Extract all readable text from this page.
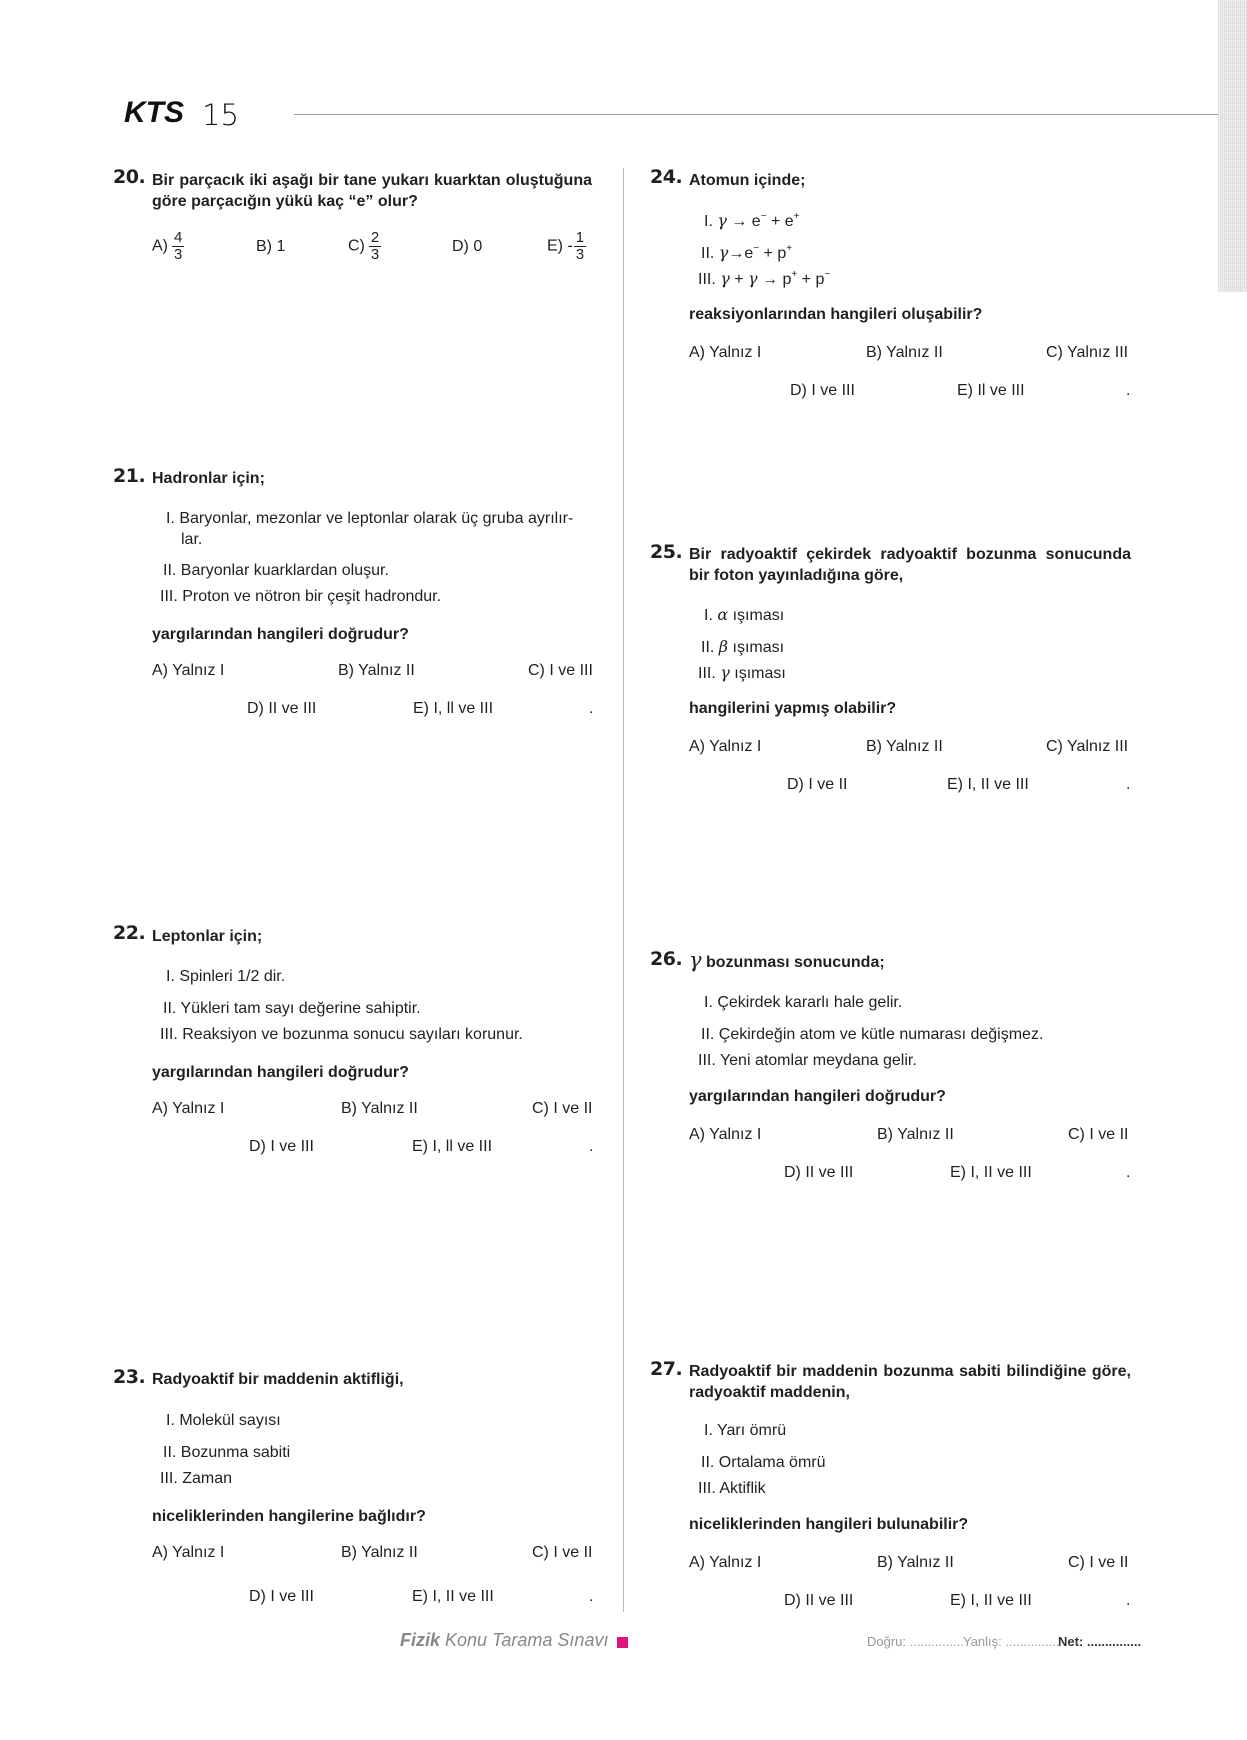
KTS 15
20. Bir parçacık iki aşağı bir tane yukarı kuarktan oluştuğuna göre parçacığın yükü kaç “e” olur?
$A) \frac{4}{3}$	B) 1	$C) \frac{2}{3}$	D) 0	$E) - \frac{1}{3}$
21. Hadronlar için;
I. Baryonlar, mezonlar ve leptonlar olarak üç gruba ayrılır-
lar.
II. Baryonlar kuarklardan oluşur.
III. Proton ve nötron bir çeşit hadrondur.
yargılarından hangileri doğrudur?
A) Yalnız I	B) Yalnız II	C) I ve III
D) II ve III	E) I, ll ve III	.
22. Leptonlar için;
I. Spinleri 1/2 dir.
II. Yükleri tam sayı değerine sahiptir.
III. Reaksiyon ve bozunma sonucu sayıları korunur.
yargılarından hangileri doğrudur?
A) Yalnız I	B) Yalnız II	C) I ve II
D) I ve III	E) I, ll ve III	.
23. Radyoaktif bir maddenin aktifliği,
I. Molekül sayısı
II. Bozunma sabiti
III. Zaman
niceliklerinden hangilerine bağlıdır?
A) Yalnız I	B) Yalnız II	C) I ve II
D) I ve III	E) I, II ve III	.
24. Atomun içinde;
I. γ → e− + e+
II. γ→e− + p+
III. γ + γ → p+ + p−
reaksiyonlarından hangileri oluşabilir?
A) Yalnız I	B) Yalnız II	C) Yalnız III
D) I ve III	E) Il ve III	.
25. Bir radyoaktif çekirdek radyoaktif bozunma sonucunda bir foton yayınladığına göre,
I. α ışıması
II. β ışıması
III. γ ışıması
hangilerini yapmış olabilir?
A) Yalnız I	B) Yalnız II	C) Yalnız III
D) I ve II	E) I, II ve III	.
26. γ bozunması sonucunda;
I. Çekirdek kararlı hale gelir.
II. Çekirdeğin atom ve kütle numarası değişmez.
III. Yeni atomlar meydana gelir.
yargılarından hangileri doğrudur?
A) Yalnız I	B) Yalnız II	C) I ve II
D) II ve III	E) I, II ve III	.
27. Radyoaktif bir maddenin bozunma sabiti bilindiğine göre, radyoaktif maddenin,
I. Yarı ömrü
II. Ortalama ömrü
III. Aktiflik
niceliklerinden hangileri bulunabilir?
A) Yalnız I	B) Yalnız II	C) I ve II
D) II ve III	E) I, II ve III	.
Fizik Konu Tarama Sınavı	Doğru: ............... Yanlış: ...............
Net: ...............
